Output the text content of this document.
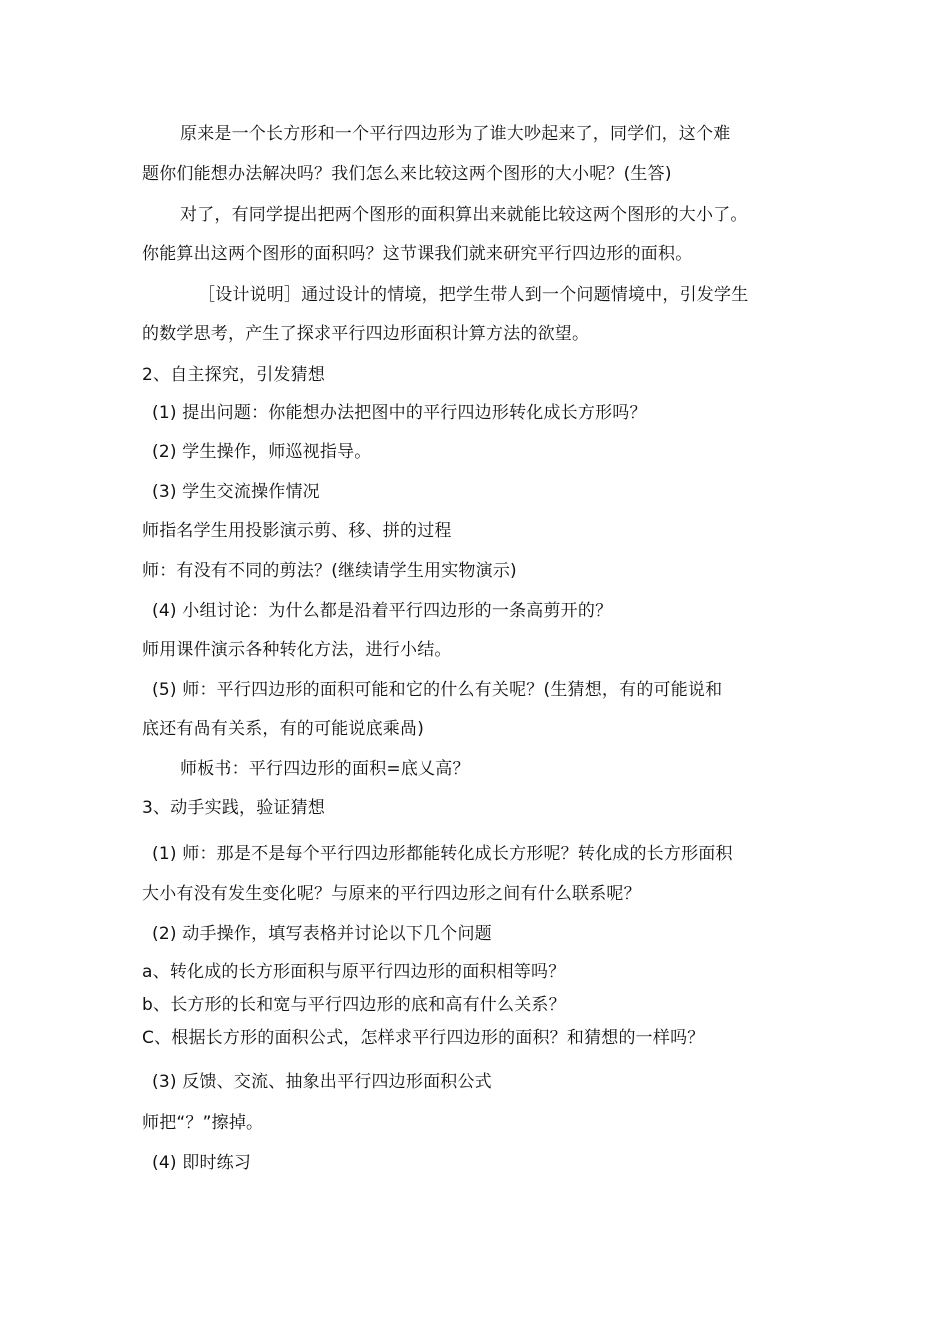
原来是一个长方形和一个平行四边形为了谁大吵起来了，同学们，这个难
题你们能想办法解决吗？我们怎么来比较这两个图形的大小呢？(生答)
对了，有同学提出把两个图形的面积算出来就能比较这两个图形的大小了。
你能算出这两个图形的面积吗？这节课我们就来研究平行四边形的面积。
［设计说明］通过设计的情境，把学生带人到一个问题情境中，引发学生
的数学思考，产生了探求平行四边形面积计算方法的欲望。
2、自主探究，引发猜想
(1) 提出问题：你能想办法把图中的平行四边形转化成长方形吗？
(2) 学生操作，师巡视指导。
(3) 学生交流操作情况
师指名学生用投影演示剪、移、拼的过程
师：有没有不同的剪法？(继续请学生用实物演示)
(4) 小组讨论：为什么都是沿着平行四边形的一条高剪开的？
师用课件演示各种转化方法，进行小结。
(5) 师：平行四边形的面积可能和它的什么有关呢？(生猜想，有的可能说和
底还有咼有关系，有的可能说底乘咼)
师板书：平行四边形的面积=底乂高？
3、动手实践，验证猜想
(1) 师：那是不是每个平行四边形都能转化成长方形呢？转化成的长方形面积
大小有没有发生变化呢？与原来的平行四边形之间有什么联系呢？
(2) 动手操作，填写表格并讨论以下几个问题
a、转化成的长方形面积与原平行四边形的面积相等吗？
b、长方形的长和宽与平行四边形的底和高有什么关系？
C、根据长方形的面积公式，怎样求平行四边形的面积？和猜想的一样吗？
(3) 反馈、交流、抽象出平行四边形面积公式
师把“？”擦掉。
(4) 即时练习
